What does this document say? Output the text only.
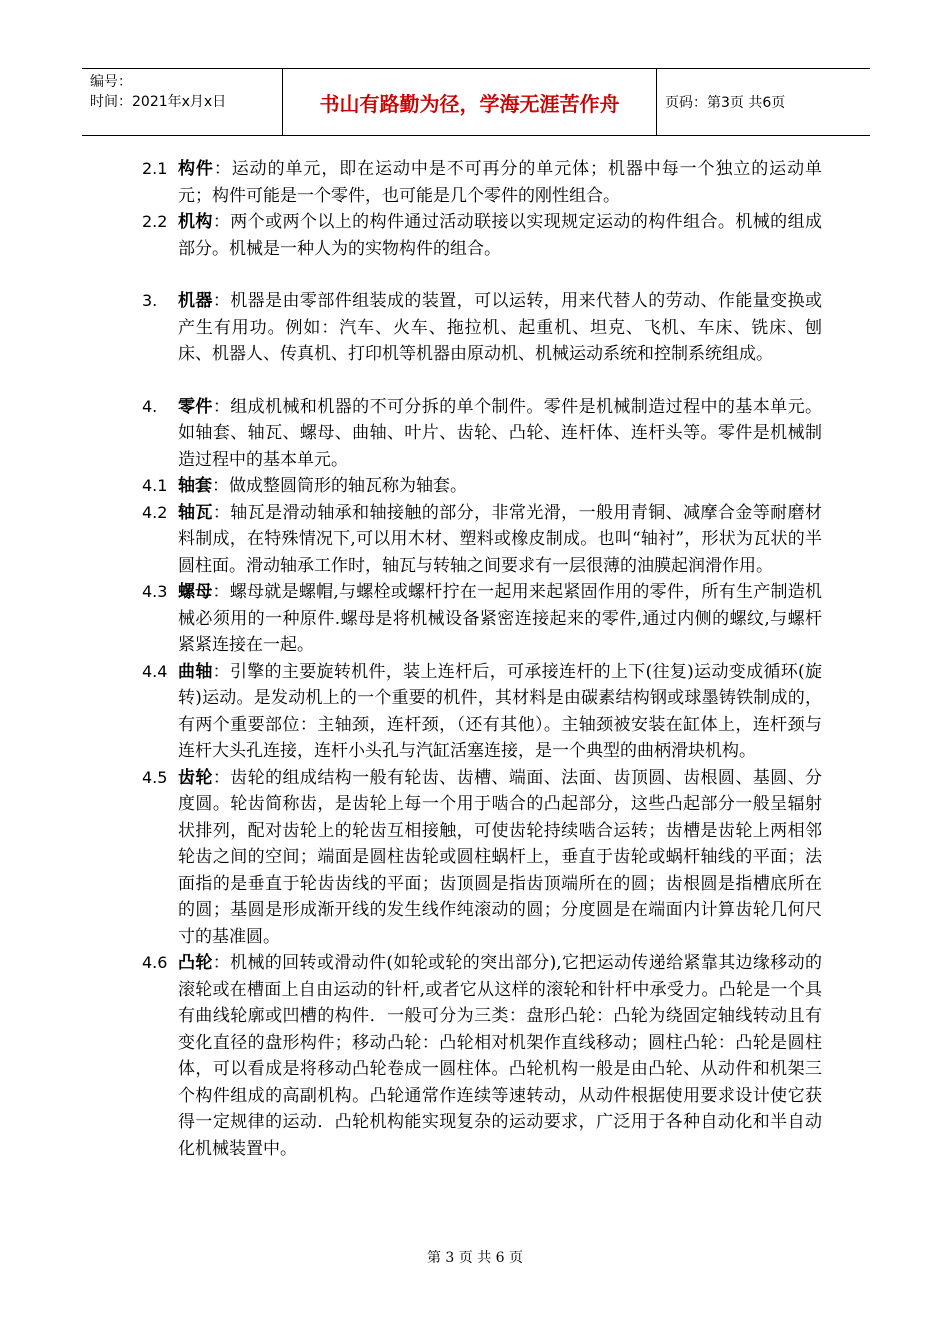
编号：
时间：2021年x月x日	书山有路勤为径，学海无涯苦作舟	页码：第3页 共6页
2.1 构件：运动的单元，即在运动中是不可再分的单元体；机器中每一个独立的运动单元；构件可能是一个零件，也可能是几个零件的刚性组合。
2.2 机构：两个或两个以上的构件通过活动联接以实现规定运动的构件组合。机械的组成部分。机械是一种人为的实物构件的组合。
3.	机器：机器是由零部件组装成的装置，可以运转，用来代替人的劳动、作能量变换或产生有用功。例如：汽车、火车、拖拉机、起重机、坦克、飞机、车床、铣床、刨床、机器人、传真机、打印机等机器由原动机、机械运动系统和控制系统组成。
4.	零件：组成机械和机器的不可分拆的单个制件。零件是机械制造过程中的基本单元。如轴套、轴瓦、螺母、曲轴、叶片、齿轮、凸轮、连杆体、连杆头等。零件是机械制造过程中的基本单元。
4.1 轴套：做成整圆筒形的轴瓦称为轴套。
4.2 轴瓦：轴瓦是滑动轴承和轴接触的部分，非常光滑，一般用青铜、减摩合金等耐磨材料制成，在特殊情况下,可以用木材、塑料或橡皮制成。也叫“轴衬”，形状为瓦状的半圆柱面。滑动轴承工作时，轴瓦与转轴之间要求有一层很薄的油膜起润滑作用。
4.3 螺母：螺母就是螺帽,与螺栓或螺杆拧在一起用来起紧固作用的零件，所有生产制造机械必须用的一种原件.螺母是将机械设备紧密连接起来的零件,通过内侧的螺纹,与螺杆紧紧连接在一起。
4.4 曲轴：引擎的主要旋转机件，装上连杆后，可承接连杆的上下(往复)运动变成循环(旋转)运动。是发动机上的一个重要的机件，其材料是由碳素结构钢或球墨铸铁制成的，有两个重要部位：主轴颈，连杆颈，（还有其他）。主轴颈被安装在缸体上，连杆颈与连杆大头孔连接，连杆小头孔与汽缸活塞连接，是一个典型的曲柄滑块机构。
4.5 齿轮：齿轮的组成结构一般有轮齿、齿槽、端面、法面、齿顶圆、齿根圆、基圆、分度圆。轮齿简称齿，是齿轮上每一个用于啮合的凸起部分，这些凸起部分一般呈辐射状排列，配对齿轮上的轮齿互相接触，可使齿轮持续啮合运转；齿槽是齿轮上两相邻轮齿之间的空间；端面是圆柱齿轮或圆柱蜗杆上，垂直于齿轮或蜗杆轴线的平面；法面指的是垂直于轮齿齿线的平面；齿顶圆是指齿顶端所在的圆；齿根圆是指槽底所在的圆；基圆是形成渐开线的发生线作纯滚动的圆；分度圆是在端面内计算齿轮几何尺寸的基准圆。
4.6 凸轮：机械的回转或滑动件(如轮或轮的突出部分),它把运动传递给紧靠其边缘移动的滚轮或在槽面上自由运动的针杆,或者它从这样的滚轮和针杆中承受力。凸轮是一个具有曲线轮廓或凹槽的构件．一般可分为三类：盘形凸轮：凸轮为绕固定轴线转动且有变化直径的盘形构件；移动凸轮：凸轮相对机架作直线移动；圆柱凸轮：凸轮是圆柱体，可以看成是将移动凸轮卷成一圆柱体。凸轮机构一般是由凸轮、从动件和机架三个构件组成的高副机构。凸轮通常作连续等速转动，从动件根据使用要求设计使它获得一定规律的运动．凸轮机构能实现复杂的运动要求，广泛用于各种自动化和半自动化机械装置中。
第 3 页 共 6 页
